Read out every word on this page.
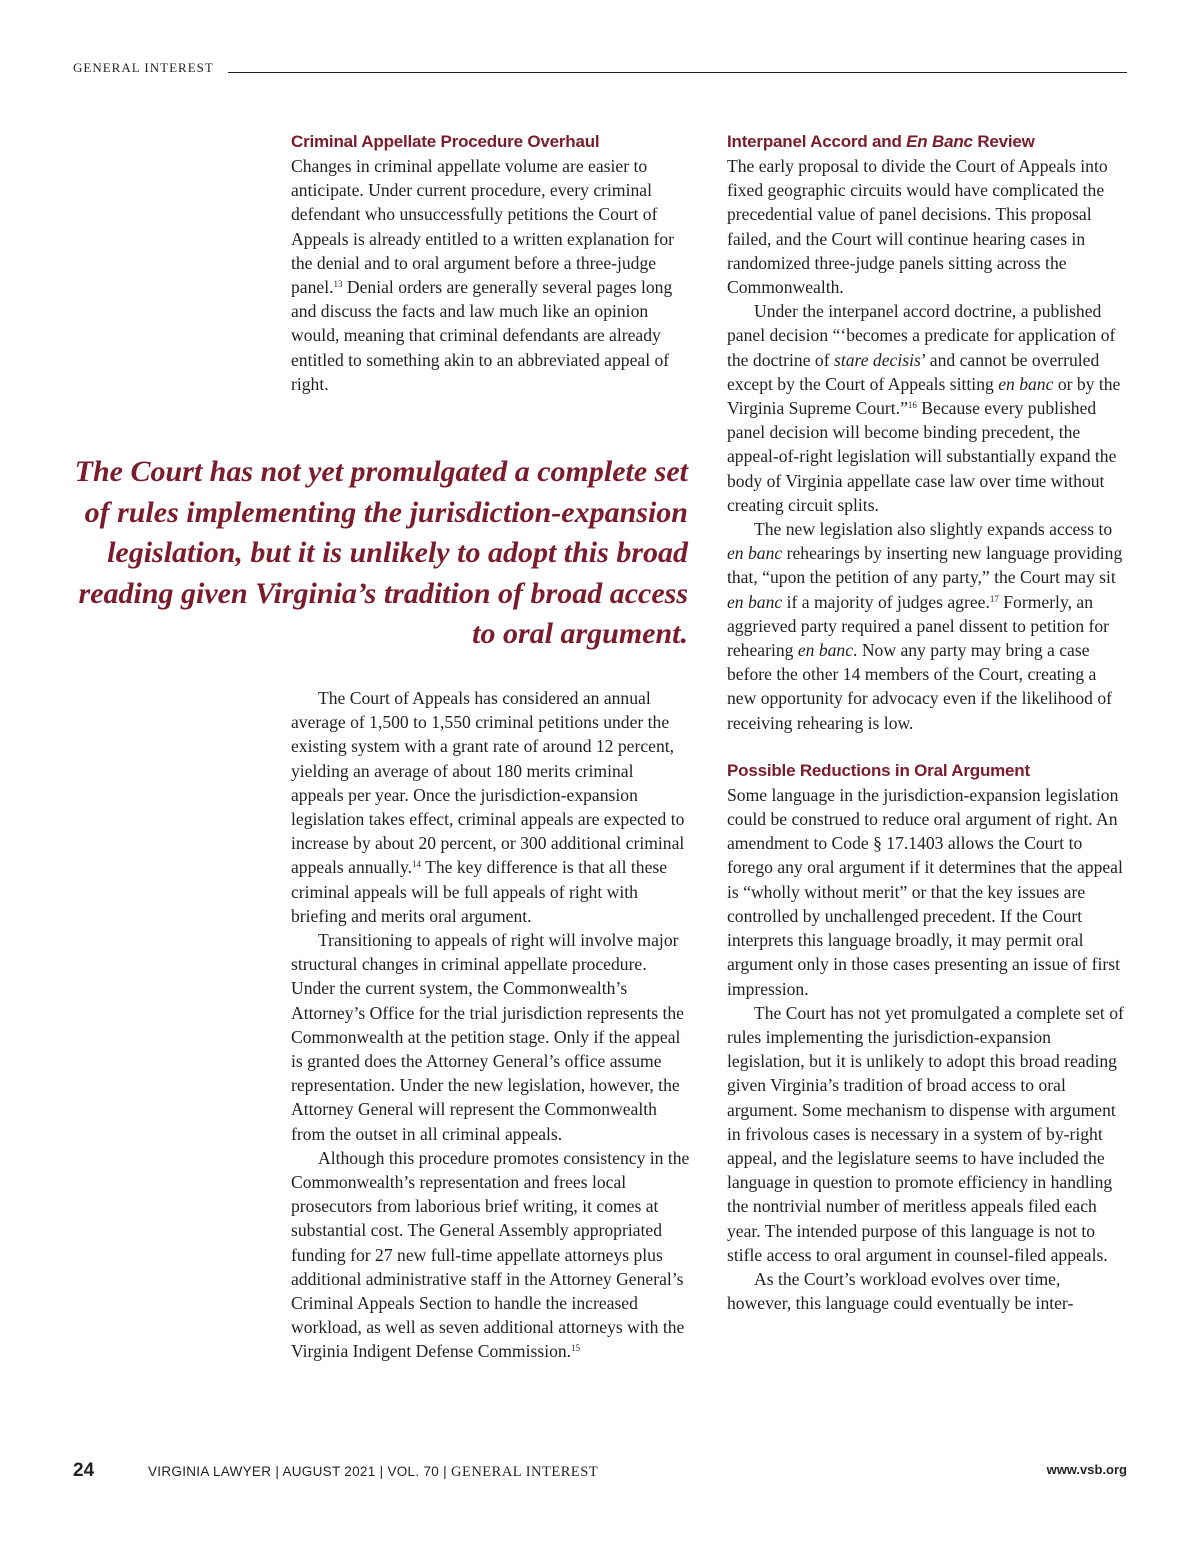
GENERAL INTEREST
Criminal Appellate Procedure Overhaul

Changes in criminal appellate volume are easier to anticipate. Under current procedure, every criminal defendant who unsuccessfully petitions the Court of Appeals is already entitled to a written explanation for the denial and to oral argument before a three-judge panel.$^{13}$ Denial orders are generally several pages long and discuss the facts and law much like an opinion would, meaning that criminal defendants are already entitled to something akin to an abbreviated appeal of right.

The Court has not yet promulgated a complete set of rules implementing the jurisdiction-expansion legislation, but it is unlikely to adopt this broad reading given Virginia’s tradition of broad access to oral argument.

The Court of Appeals has considered an annual average of 1,500 to 1,550 criminal petitions under the existing system with a grant rate of around 12 percent, yielding an average of about 180 merits criminal appeals per year. Once the jurisdiction-expansion legislation takes effect, criminal appeals are expected to increase by about 20 percent, or 300 additional criminal appeals annually.$^{14}$ The key difference is that all these criminal appeals will be full appeals of right with briefing and merits oral argument.

Transitioning to appeals of right will involve major structural changes in criminal appellate procedure. Under the current system, the Commonwealth’s Attorney’s Office for the trial jurisdiction represents the Commonwealth at the petition stage. Only if the appeal is granted does the Attorney General’s office assume representation. Under the new legislation, however, the Attorney General will represent the Commonwealth from the outset in all criminal appeals.

Although this procedure promotes consistency in the Commonwealth’s representation and frees local prosecutors from laborious brief writing, it comes at substantial cost. The General Assembly appropriated funding for 27 new full-time appellate attorneys plus additional administrative staff in the Attorney General’s Criminal Appeals Section to handle the increased workload, as well as seven additional attorneys with the Virginia Indigent Defense Commission.$^{15}$

Interpanel Accord and En Banc Review

The early proposal to divide the Court of Appeals into fixed geographic circuits would have complicated the precedential value of panel decisions. This proposal failed, and the Court will continue hearing cases in randomized three-judge panels sitting across the Commonwealth.

Under the interpanel accord doctrine, a published panel decision “‘becomes a predicate for application of the doctrine of stare decisis’ and cannot be overruled except by the Court of Appeals sitting en banc or by the Virginia Supreme Court.”$^{16}$ Because every published panel decision will become binding precedent, the appeal-of-right legislation will substantially expand the body of Virginia appellate case law over time without creating circuit splits.

The new legislation also slightly expands access to en banc rehearings by inserting new language providing that, “upon the petition of any party,” the Court may sit en banc if a majority of judges agree.$^{17}$ Formerly, an aggrieved party required a panel dissent to petition for rehearing en banc. Now any party may bring a case before the other 14 members of the Court, creating a new opportunity for advocacy even if the likelihood of receiving rehearing is low.

Possible Reductions in Oral Argument

Some language in the jurisdiction-expansion legislation could be construed to reduce oral argument of right. An amendment to Code § 17.1403 allows the Court to forego any oral argument if it determines that the appeal is “wholly without merit” or that the key issues are controlled by unchallenged precedent. If the Court interprets this language broadly, it may permit oral argument only in those cases presenting an issue of first impression.

The Court has not yet promulgated a complete set of rules implementing the jurisdiction-expansion legislation, but it is unlikely to adopt this broad reading given Virginia’s tradition of broad access to oral argument. Some mechanism to dispense with argument in frivolous cases is necessary in a system of by-right appeal, and the legislature seems to have included the language in question to promote efficiency in handling the nontrivial number of meritless appeals filed each year. The intended purpose of this language is not to stifle access to oral argument in counsel-filed appeals.

As the Court’s workload evolves over time, however, this language could eventually be inter-

24	VIRGINIA LAWYER | AUGUST 2021 | VOL. 70 | GENERAL INTEREST	www.vsb.org
